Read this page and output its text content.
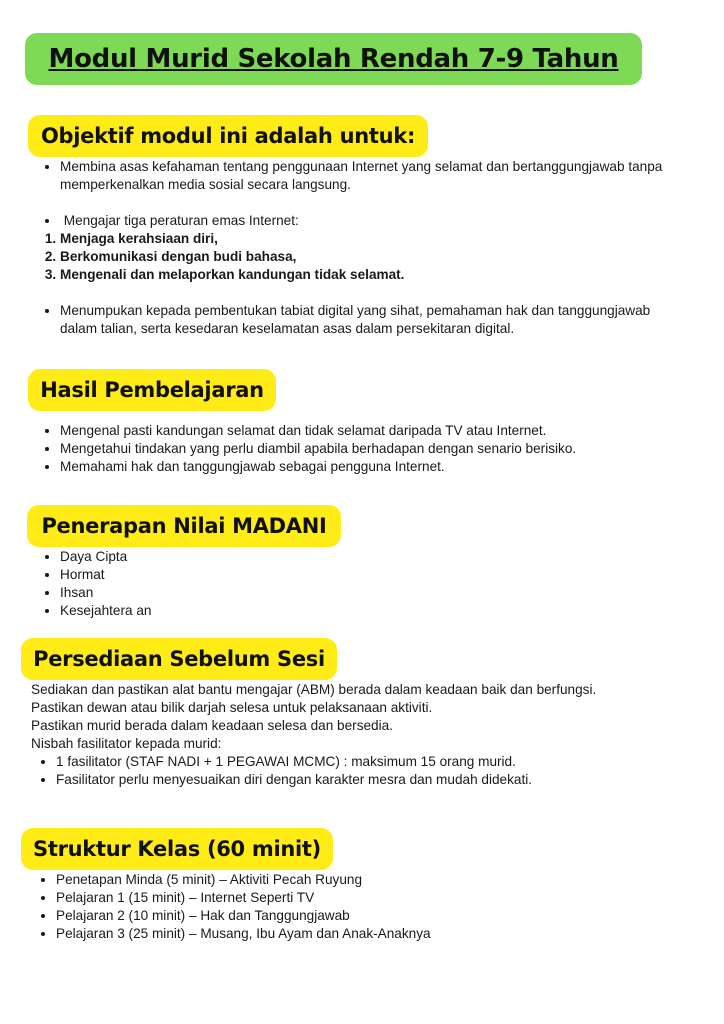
Modul Murid Sekolah Rendah 7-9 Tahun
Objektif modul ini adalah untuk:
• Membina asas kefahaman tentang penggunaan Internet yang selamat dan bertanggungjawab tanpa memperkenalkan media sosial secara langsung.
• Mengajar tiga peraturan emas Internet:
1. Menjaga kerahsiaan diri,
2. Berkomunikasi dengan budi bahasa,
3. Mengenali dan melaporkan kandungan tidak selamat.
• Menumpukan kepada pembentukan tabiat digital yang sihat, pemahaman hak dan tanggungjawab dalam talian, serta kesedaran keselamatan asas dalam persekitaran digital.
Hasil Pembelajaran
• Mengenal pasti kandungan selamat dan tidak selamat daripada TV atau Internet.
• Mengetahui tindakan yang perlu diambil apabila berhadapan dengan senario berisiko.
• Memahami hak dan tanggungjawab sebagai pengguna Internet.
Penerapan Nilai MADANI
• Daya Cipta
• Hormat
• Ihsan
• Kesejahtera an
Persediaan Sebelum Sesi

Sediakan dan pastikan alat bantu mengajar (ABM) berada dalam keadaan baik dan berfungsi.

Pastikan dewan atau bilik darjah selesa untuk pelaksanaan aktiviti.

Pastikan murid berada dalam keadaan selesa dan bersedia.

Nisbah fasilitator kepada murid:

• 1 fasilitator (STAF NADI + 1 PEGAWAI MCMC) : maksimum 15 orang murid.
• Fasilitator perlu menyesuaikan diri dengan karakter mesra dan mudah didekati.
Struktur Kelas (60 minit)
• Penetapan Minda (5 minit) – Aktiviti Pecah Ruyung
• Pelajaran 1 (15 minit) – Internet Seperti TV
• Pelajaran 2 (10 minit) – Hak dan Tanggungjawab
• Pelajaran 3 (25 minit) – Musang, Ibu Ayam dan Anak-Anaknya
